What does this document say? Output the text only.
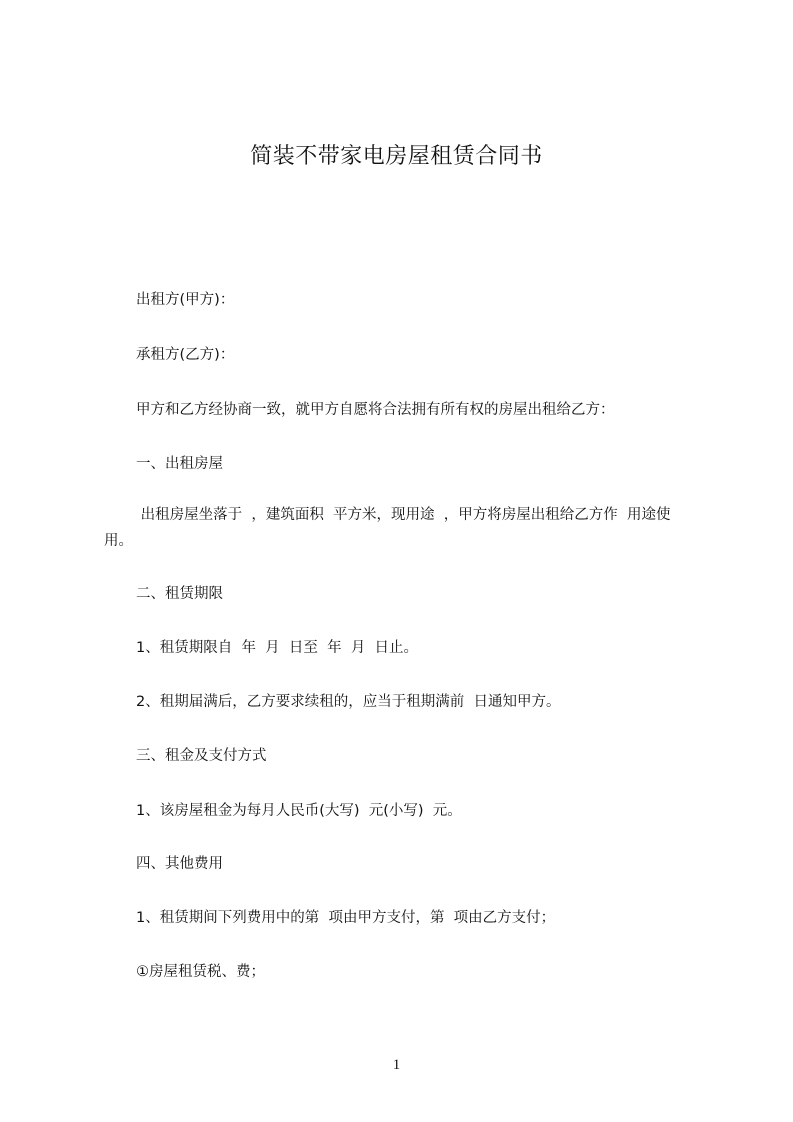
简装不带家电房屋租赁合同书

出租方(甲方)：

承租方(乙方)：

甲方和乙方经协商一致，就甲方自愿将合法拥有所有权的房屋出租给乙方：

一、出租房屋

出租房屋坐落于  ，建筑面积  平方米，现用途  ，甲方将房屋出租给乙方作  用途使用。

二、租赁期限

1、租赁期限自  年  月  日至  年  月  日止。

2、租期届满后，乙方要求续租的，应当于租期满前  日通知甲方。

三、租金及支付方式

1、该房屋租金为每月人民币(大写)  元(小写)  元。

四、其他费用

1、租赁期间下列费用中的第  项由甲方支付，第  项由乙方支付；

①房屋租赁税、费；

1
